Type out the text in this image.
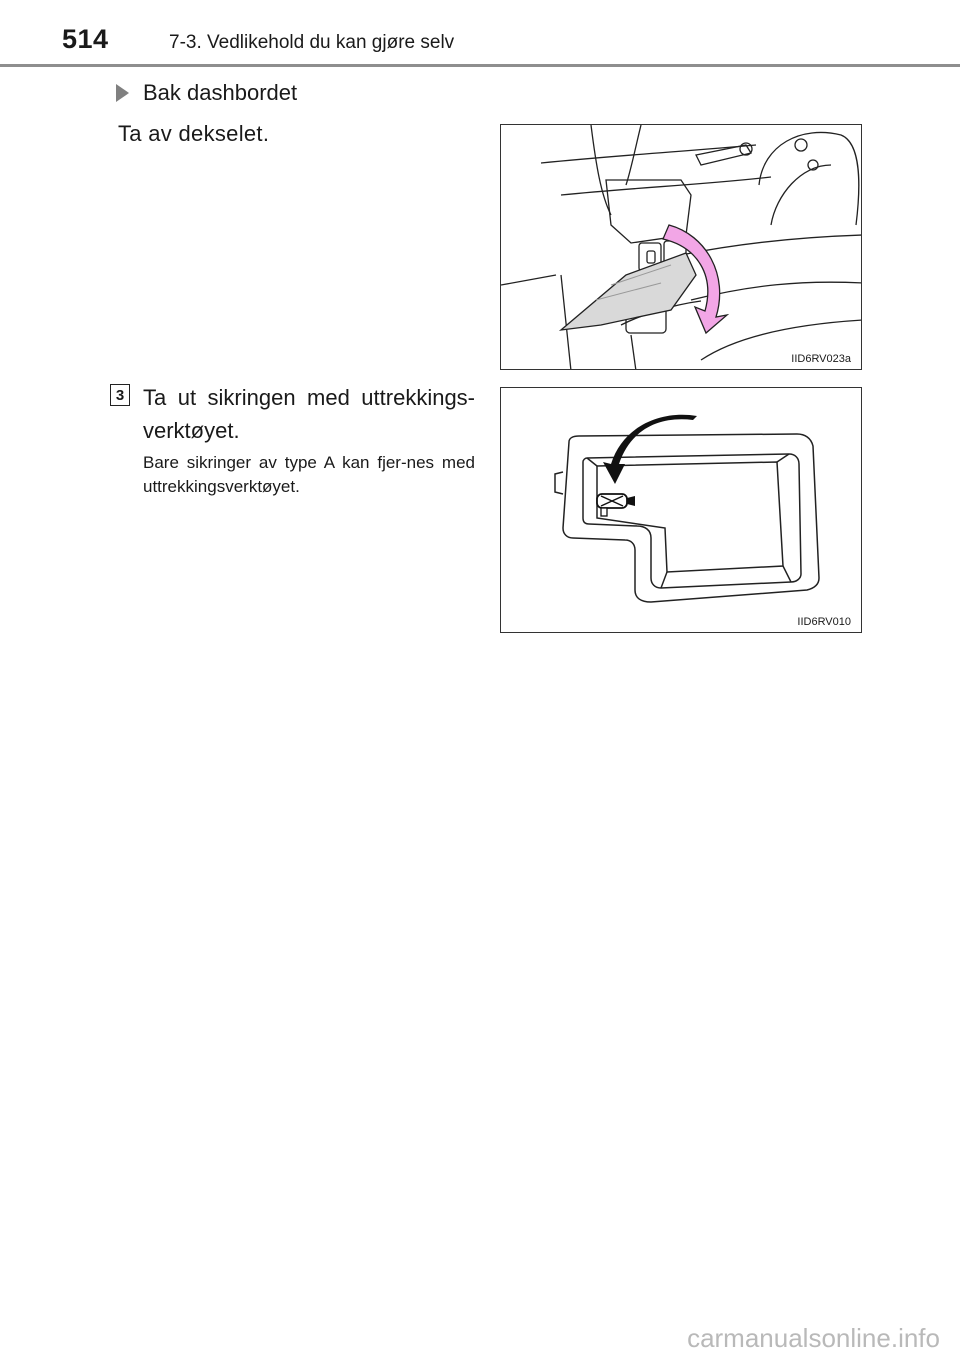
514	7-3. Vedlikehold du kan gjøre selv
Bak dashbordet
Ta av dekselet.
IID6RV023a
3 Ta ut sikringen med uttrekkings-verktøyet.
Bare sikringer av type A kan fjer-nes med uttrekkingsverktøyet.
IID6RV010
carmanualsonline.info
